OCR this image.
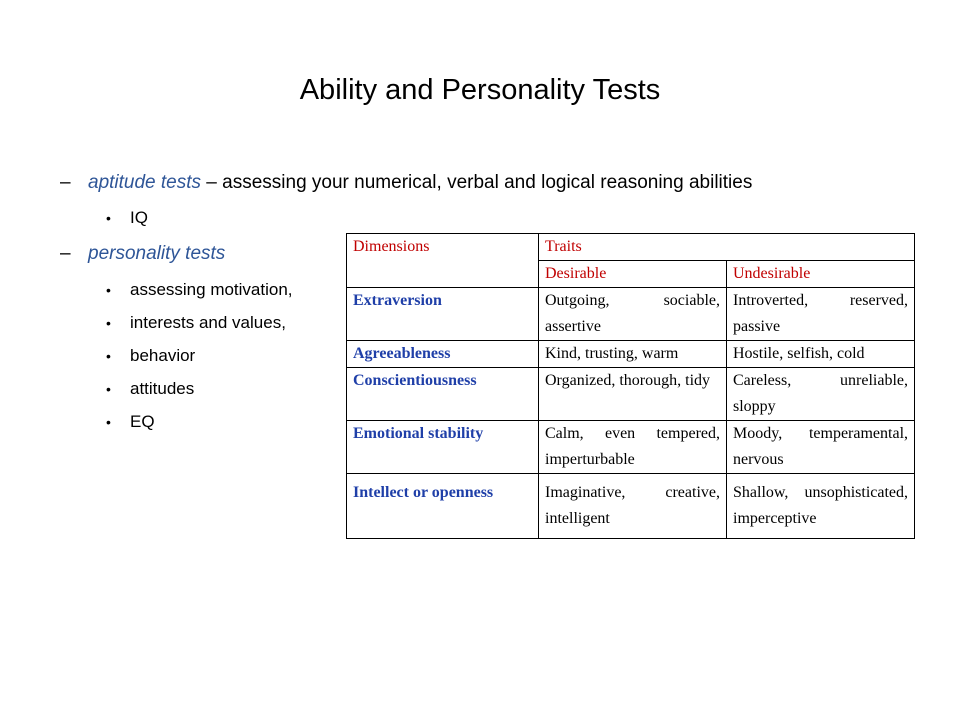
Ability and Personality Tests
– aptitude tests – assessing your numerical, verbal and logical reasoning abilities
• IQ
– personality tests
• assessing motivation,
• interests and values,
• behavior
• attitudes
• EQ
Dimensions	Traits	
	Desirable	Undesirable
Extraversion	Outgoing, sociable, assertive	Introverted, reserved, passive
Agreeableness	Kind, trusting, warm	Hostile, selfish, cold
Conscientiousness	Organized, thorough, tidy	Careless, unreliable, sloppy
Emotional stability	Calm, even tempered, imperturbable	Moody, temperamental, nervous
Intellect or openness	Imaginative, creative, intelligent	Shallow, unsophisticated, imperceptive
